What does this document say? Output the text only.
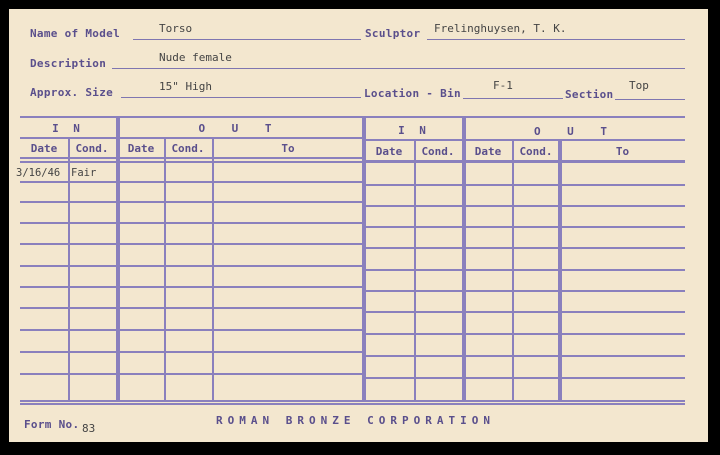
Name of Model	Torso	Sculptor Frelinghuysen, T. K.
Description	Nude female
Approx. Size	15" High
Location - Bin
F-1
Section
Top
I N	O U T	I N	O U T
Date	Cond.	Date	Cond.	To	Date	Cond.	Date	Cond.	To
3/16/46 Fair
Form No. 83
ROMAN BRONZE CORPORATION
